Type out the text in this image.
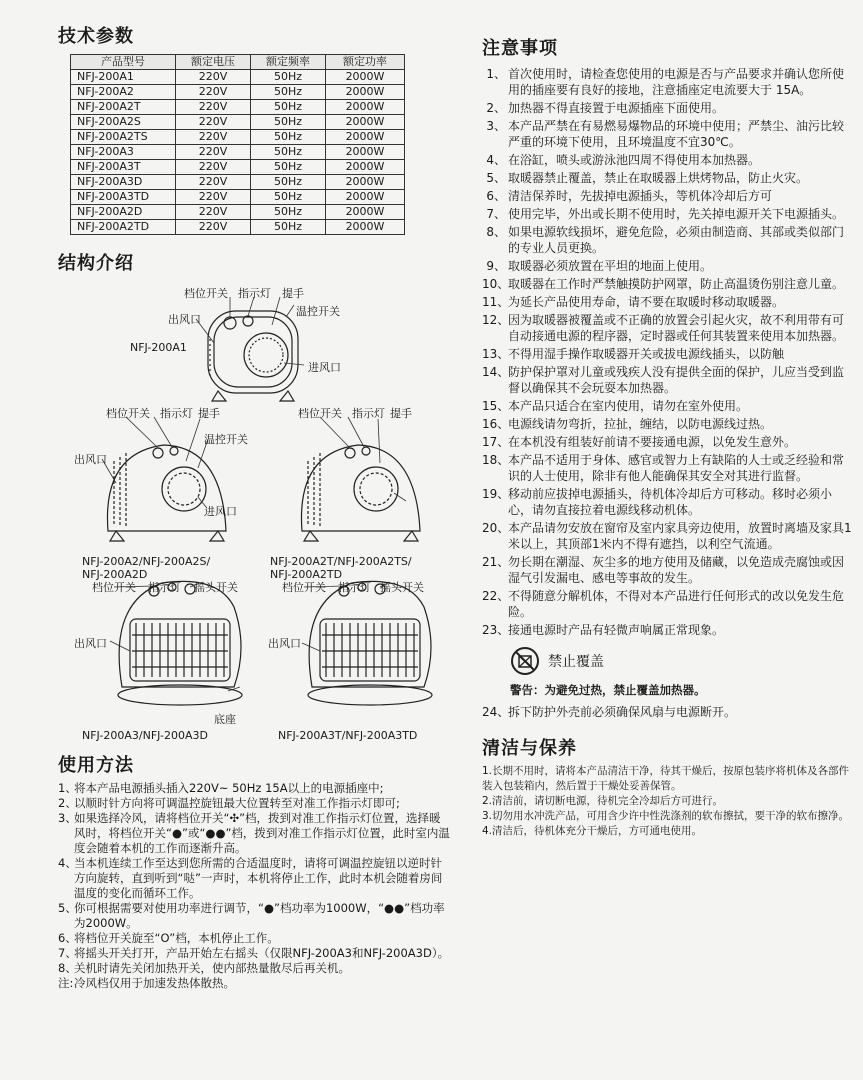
技术参数
产品型号	额定电压	额定频率	额定功率
NFJ-200A1	220V	50Hz	2000W
NFJ-200A2	220V	50Hz	2000W
NFJ-200A2T	220V	50Hz	2000W
NFJ-200A2S	220V	50Hz	2000W
NFJ-200A2TS	220V	50Hz	2000W
NFJ-200A3	220V	50Hz	2000W
NFJ-200A3T	220V	50Hz	2000W
NFJ-200A3D	220V	50Hz	2000W
NFJ-200A3TD	220V	50Hz	2000W
NFJ-200A2D	220V	50Hz	2000W
NFJ-200A2TD	220V	50Hz	2000W
结构介绍
档位开关 指示灯 提手
温控开关
出风口
进风口
NFJ-200A1
档位开关 指示灯 提手
温控开关
出风口
进风口
档位开关 指示灯 提手
NFJ-200A2/NFJ-200A2S/
NFJ-200A2D
NFJ-200A2T/NFJ-200A2TS/
NFJ-200A2TD
档位开关 指示灯 摇头开关
出风口
档位开关 指示灯 摇头开关
出风口
底座
NFJ-200A3/NFJ-200A3D	NFJ-200A3T/NFJ-200A3TD
使用方法
1、
将本产品电源插头插入220V~ 50Hz 15A以上的电源插座中;
2、
以顺时针方向将可调温控旋钮最大位置转至对准工作指示灯即可;
3、
如果选择冷风，请将档位开关“✣”档，拨到对准工作指示灯位置，选择暖风时，将档位开关“●”或“●●”档，拨到对准工作指示灯位置，此时室内温度会随着本机的工作而逐渐升高。
4、
当本机连续工作至达到您所需的合适温度时，请将可调温控旋钮以逆时针方向旋转，直到听到“哒”一声时，本机将停止工作，此时本机会随着房间温度的变化而循环工作。
5、
你可根据需要对使用功率进行调节，“●”档功率为1000W，“●●”档功率为2000W。
6、
将档位开关旋至“O”档，本机停止工作。
7、
将摇头开关打开，产品开始左右摇头（仅限NFJ-200A3和NFJ-200A3D）。
8、
关机时请先关闭加热开关，使内部热量散尽后再关机。
注: 冷风档仅用于加速发热体散热。
注意事项
1、 首次使用时，请检查您使用的电源是否与产品要求并确认您所使用的插座要有良好的接地，注意插座定电流要大于 15A。
2、 加热器不得直接置于电源插座下面使用。
3、 本产品严禁在有易燃易爆物品的环境中使用；严禁尘、油污比较严重的环境下使用，且环境温度不宜30℃。
4、 在浴缸，喷头或游泳池四周不得使用本加热器。
5、 取暖器禁止覆盖，禁止在取暖器上烘烤物品，防止火灾。
6、 清洁保养时，先拔掉电源插头，等机体冷却后方可
7、 使用完毕，外出或长期不使用时，先关掉电源开关下电源插头。
8、 如果电源软线损坏，避免危险，必须由制造商、其部或类似部门的专业人员更换。
9、 取暖器必须放置在平坦的地面上使用。
10、
取暖器在工作时严禁触摸防护网罩，防止高温烫伤别注意儿童。
11、
为延长产品使用寿命，请不要在取暖时移动取暖器。
12、
因为取暖器被覆盖或不正确的放置会引起火灾，故不利用带有可自动接通电源的程序器，定时器或任何其装置来使用本加热器。
13、
不得用湿手操作取暖器开关或拔电源线插头，以防触
14、
防护保护罩对儿童或残疾人没有提供全面的保护，儿应当受到监督以确保其不会玩耍本加热器。
15、
本产品只适合在室内使用，请勿在室外使用。
16、
电源线请勿弯折，拉扯，缠结，以防电源线过热。
17、
在本机没有组装好前请不要接通电源，以免发生意外。
18、
本产品不适用于身体、感官或智力上有缺陷的人士或乏经验和常识的人士使用，除非有他人能确保其安全对其进行监督。
19、
移动前应拔掉电源插头，待机体冷却后方可移动。移时必须小心，请勿直接拉着电源线移动机体。
20、
本产品请勿安放在窗帘及室内家具旁边使用，放置时离墙及家具1米以上，其顶部1米内不得有遮挡，以利空气流通。
21、
勿长期在潮湿、灰尘多的地方使用及储藏，以免造成壳腐蚀或因湿气引发漏电、感电等事故的发生。
22、
不得随意分解机体，不得对本产品进行任何形式的改以免发生危险。
23、
接通电源时产品有轻微声响属正常现象。
禁止覆盖
警告：为避免过热，禁止覆盖加热器。
24、
拆下防护外壳前必须确保风扇与电源断开。
清洁与保养
1.长期不用时，请将本产品清洁干净，待其干燥后，按原包装序将机体及各部件装入包装箱内，然后置于干燥处妥善保管。
2.清洁前，请切断电源，待机完全冷却后方可进行。
3.切勿用水冲洗产品，可用含少许中性洗涤剂的软布擦拭，要干净的软布擦净。
4.清洁后，待机体充分干燥后，方可通电使用。
